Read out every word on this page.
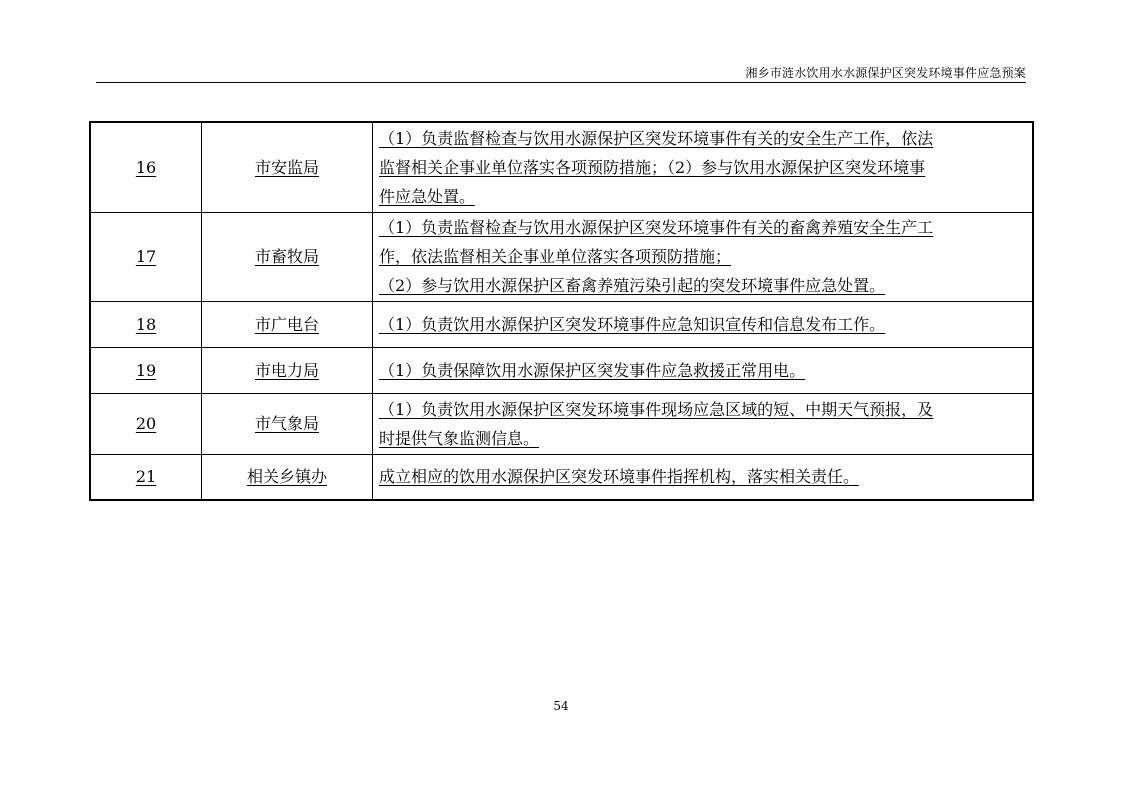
湘乡市涟水饮用水水源保护区突发环境事件应急预案
16	市安监局	（1）负责监督检查与饮用水源保护区突发环境事件有关的安全生产工作，依法
监督相关企事业单位落实各项预防措施；（2）参与饮用水源保护区突发环境事
件应急处置。

17	市畜牧局	（1）负责监督检查与饮用水源保护区突发环境事件有关的畜禽养殖安全生产工
作，依法监督相关企事业单位落实各项预防措施；
（2）参与饮用水源保护区畜禽养殖污染引起的突发环境事件应急处置。

18	市广电台	（1）负责饮用水源保护区突发环境事件应急知识宣传和信息发布工作。

19	市电力局	（1）负责保障饮用水源保护区突发事件应急救援正常用电。

20	市气象局	（1）负责饮用水源保护区突发环境事件现场应急区域的短、中期天气预报，及
时提供气象监测信息。

21	相关乡镇办	成立相应的饮用水源保护区突发环境事件指挥机构，落实相关责任。
54
